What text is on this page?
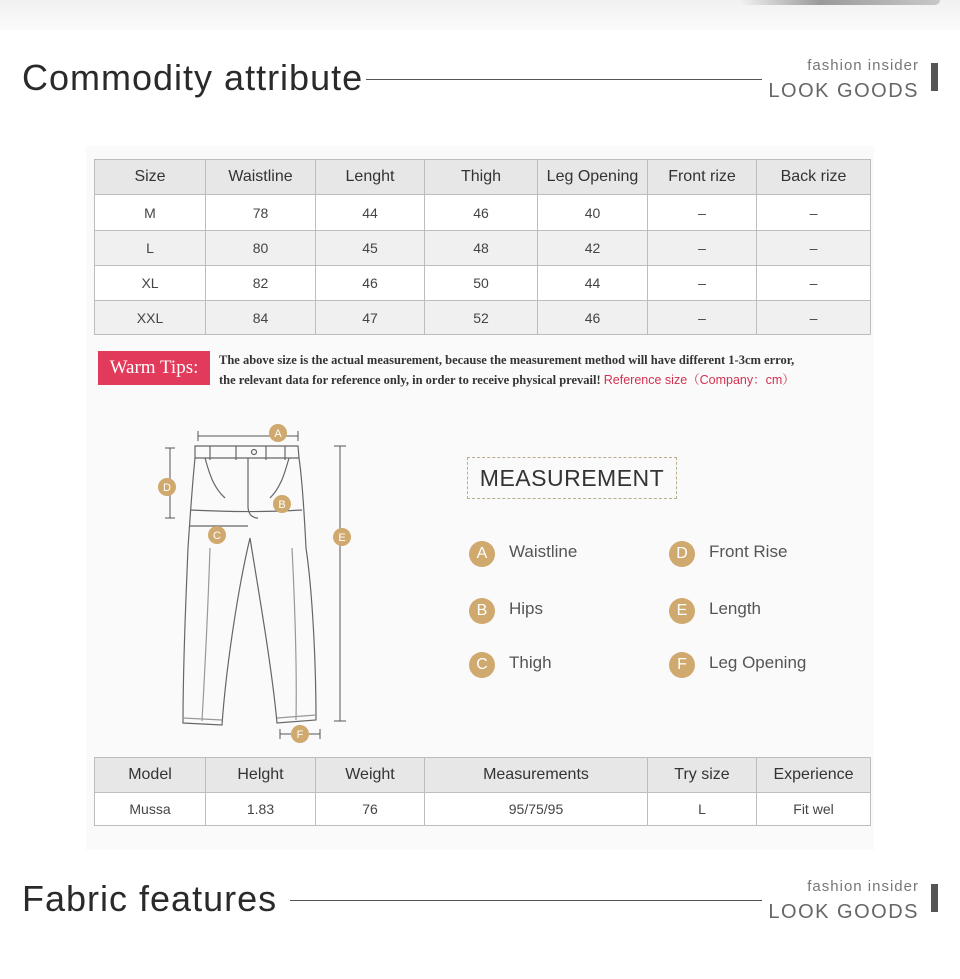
Commodity attribute	fashion insider
LOOK GOODS
Size	Waistline	Lenght	Thigh	Leg Opening	Front rize	Back rize
M	78	44	46	40	–	–
L	80	45	48	42	–	–
XL	82	46	50	44	–	–
XXL	84	47	52	46	–	–
Warm Tips:	The above size is the actual measurement, because the measurement method will have different 1-3cm error,
the relevant data for reference only, in order to receive physical prevail! Reference size（Company：cm）
A
D
B
C	E
F
MEASUREMENT
A	Waistline
B	Hips
C	Thigh
D	Front Rise
E	Length
F	Leg Opening
Model	Helght	Weight	Measurements	Try size	Experience
Mussa	1.83	76	95/75/95	L	Fit wel
Fabric features	fashion insider
LOOK GOODS
